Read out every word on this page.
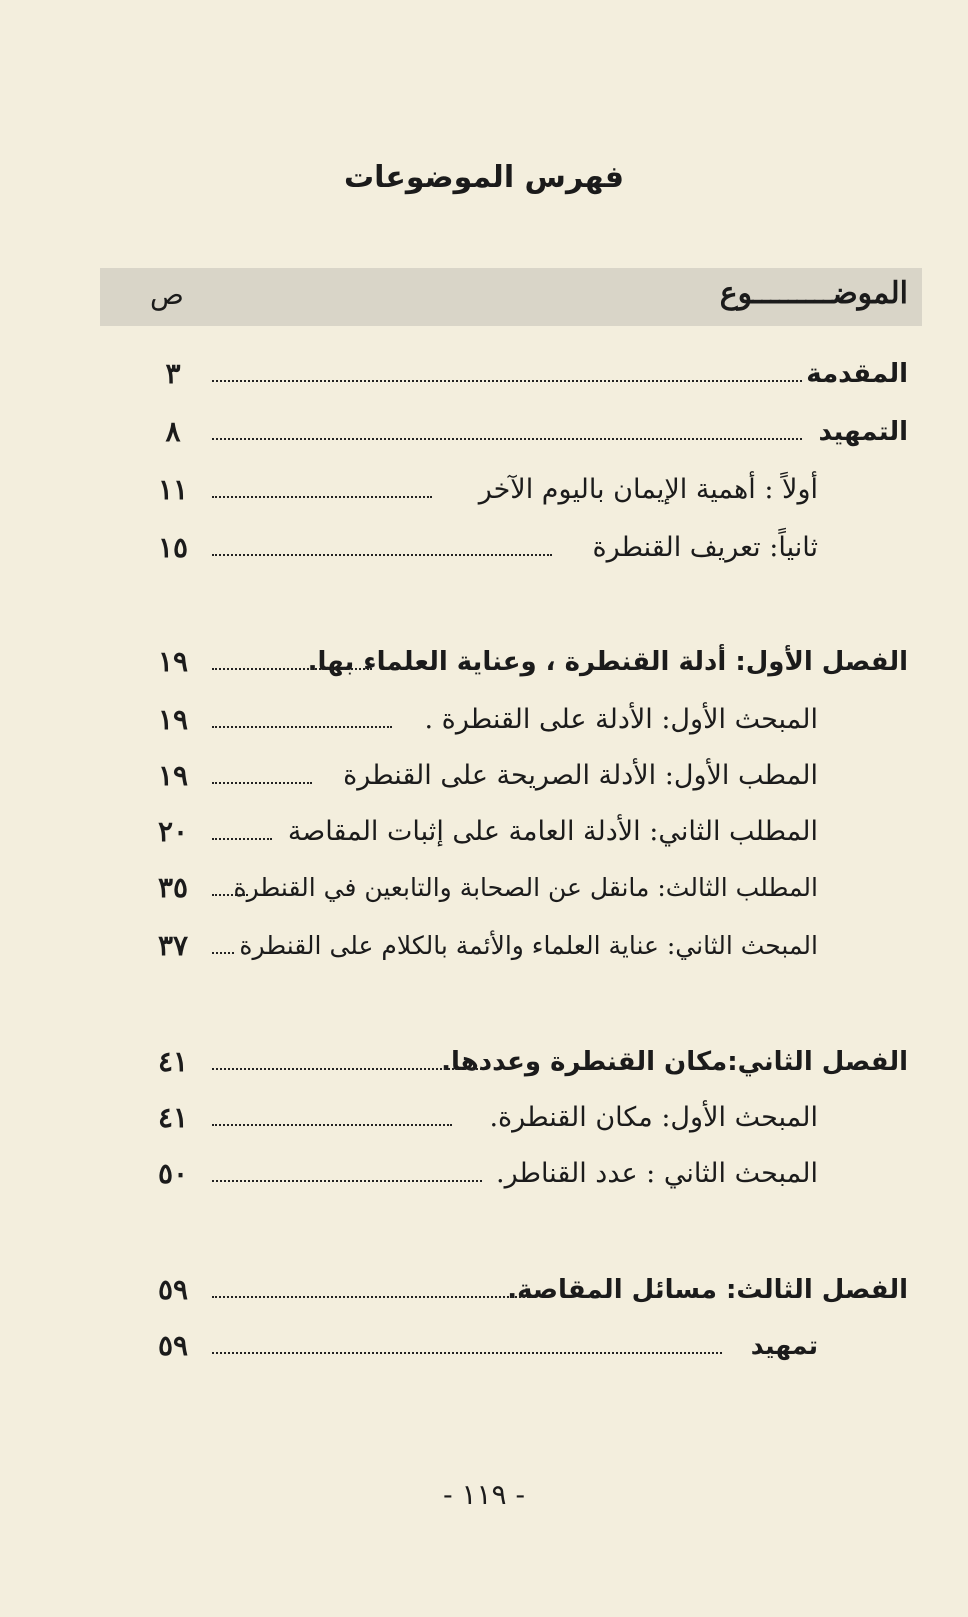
فهرس الموضوعات
الموضـــــــــوع
ص
المقدمة
٣
التمهيد
٨
أولاً : أهمية الإيمان باليوم الآخر
١١
ثانياً: تعريف القنطرة
١٥
الفصل الأول: أدلة القنطرة ، وعناية العلماء بها.
١٩
المبحث الأول: الأدلة على القنطرة .
١٩
المطب الأول: الأدلة الصريحة على القنطرة
١٩
المطلب الثاني: الأدلة العامة على إثبات المقاصة
٢٠
المطلب الثالث: مانقل عن الصحابة والتابعين في القنطرة
٣٥
المبحث الثاني: عناية العلماء والأئمة بالكلام على القنطرة
٣٧
الفصل الثاني:مكان القنطرة وعددها.
٤١
المبحث الأول: مكان القنطرة.
٤١
المبحث الثاني : عدد القناطر.
٥٠
الفصل الثالث: مسائل المقاصة.
٥٩
تمهيد
٥٩
- ١١٩ -
